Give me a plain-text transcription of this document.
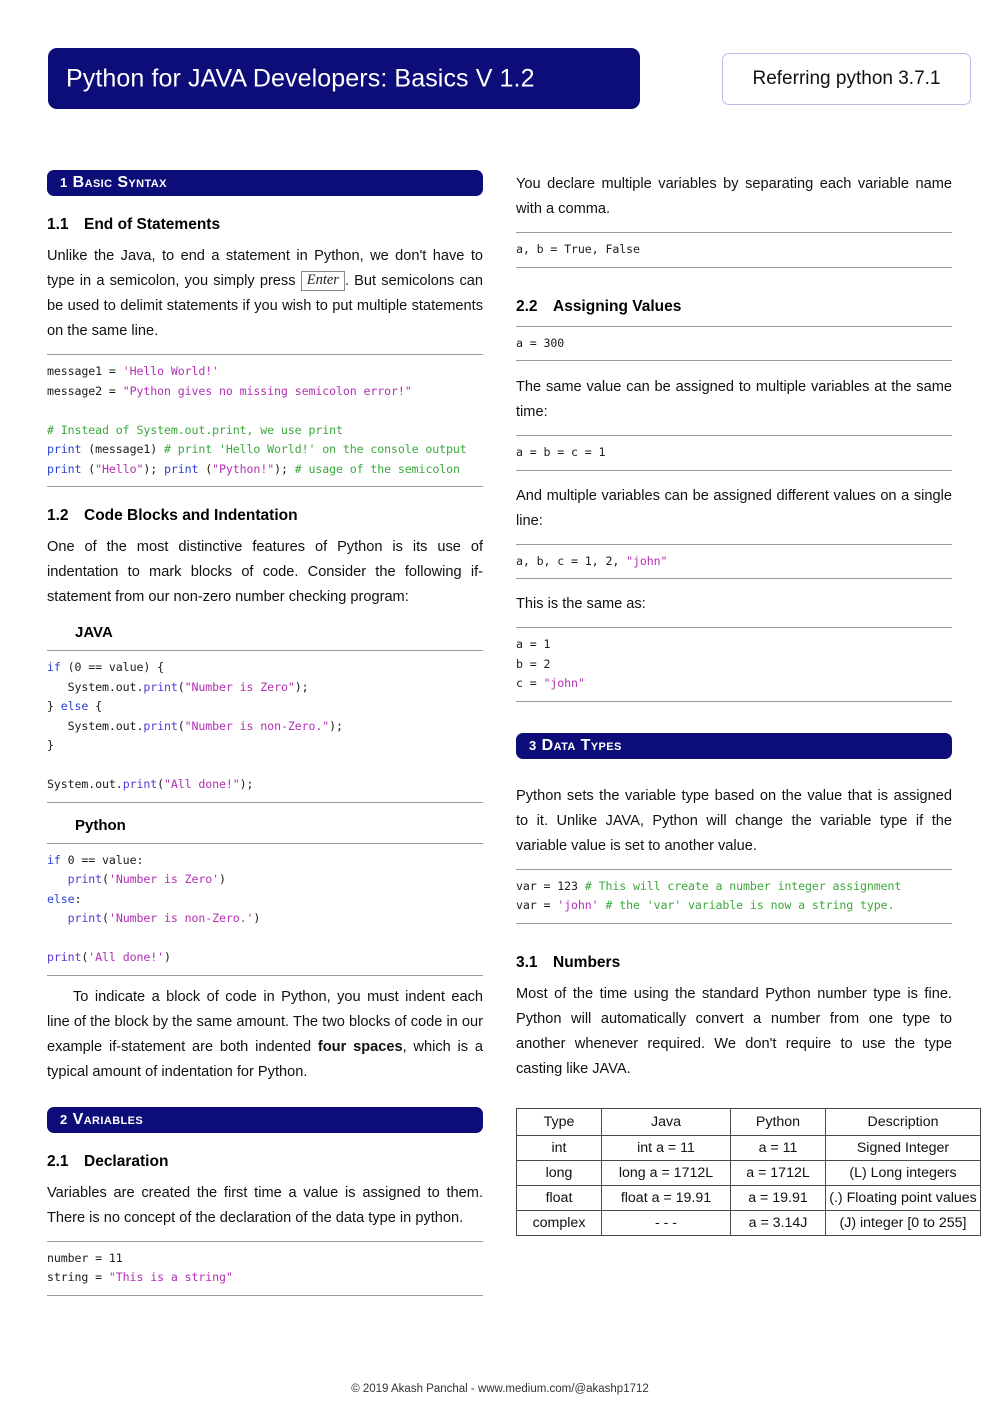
Python for JAVA Developers: Basics V 1.2	Referring python 3.7.1
1 Basic Syntax
1.1 End of Statements

Unlike the Java, to end a statement in Python, we don't have to type in a semicolon, you simply press Enter . But semicolons can be used to delimit statements if you wish to put multiple statements on the same line.

message1 = 'Hello World!'
message2 = "Python gives no missing semicolon error!"

# Instead of System.out.print, we use print
print (message1) # print 'Hello World!' on the console output
print ("Hello"); print ("Python!"); # usage of the semicolon
1.2 Code Blocks and Indentation

One of the most distinctive features of Python is its use of indentation to mark blocks of code. Consider the following if-statement from our non-zero number checking program:

JAVA
if (0 == value) {
System.out.print("Number is Zero");
} else {
System.out.print("Number is non-Zero.");
}

System.out.print("All done!");
Python
if 0 == value:
print('Number is Zero')
else:
print('Number is non-Zero.')

print('All done!')

To indicate a block of code in Python, you must indent each line of the block by the same amount. The two blocks of code in our example if-statement are both indented four spaces, which is a typical amount of indentation for Python.

2 Variables
2.1 Declaration

Variables are created the first time a value is assigned to them. There is no concept of the declaration of the data type in python.

number = 11
string = "This is a string"

You declare multiple variables by separating each variable name with a comma.

a, b = True, False
2.2 Assigning Values
a = 300

The same value can be assigned to multiple variables at the same time:

a = b = c = 1

And multiple variables can be assigned different values on a single line:

a, b, c = 1, 2, "john"

This is the same as:

a = 1
b = 2
c = "john"
3 Data Types

Python sets the variable type based on the value that is assigned to it. Unlike JAVA, Python will change the variable type if the variable value is set to another value.

var = 123 # This will create a number integer assignment
var = 'john' # the 'var' variable is now a string type.
3.1 Numbers

Most of the time using the standard Python number type is fine. Python will automatically convert a number from one type to another whenever required. We don't require to use the type casting like JAVA.

Type	Java	Python	Description
int	int a = 11	a = 11	Signed Integer
long	long a = 1712L	a = 1712L	(L) Long integers
float	float a = 19.91	a = 19.91	(.) Floating point values
complex	- - -	a = 3.14J	(J) integer [0 to 255]
© 2019 Akash Panchal - www.medium.com/@akashp1712
